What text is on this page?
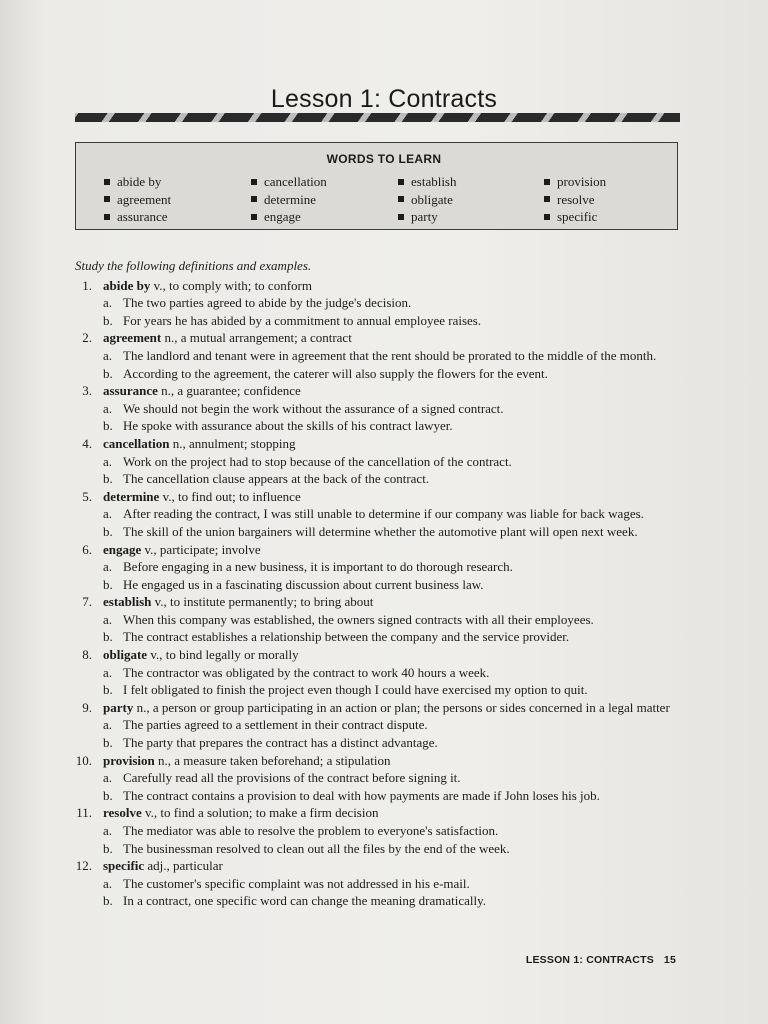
Lesson 1: Contracts
WORDS TO LEARN
abide by	cancellation	establish	provision
agreement	determine	obligate	resolve
assurance	engage	party	specific
Study the following definitions and examples.
1. abide by v., to comply with; to conform
a. The two parties agreed to abide by the judge's decision.
b. For years he has abided by a commitment to annual employee raises.
2. agreement n., a mutual arrangement; a contract
a. The landlord and tenant were in agreement that the rent should be prorated to the middle of the month.
b. According to the agreement, the caterer will also supply the flowers for the event.
3. assurance n., a guarantee; confidence
a. We should not begin the work without the assurance of a signed contract.
b. He spoke with assurance about the skills of his contract lawyer.
4. cancellation n., annulment; stopping
a. Work on the project had to stop because of the cancellation of the contract.
b. The cancellation clause appears at the back of the contract.
5. determine v., to find out; to influence
a. After reading the contract, I was still unable to determine if our company was liable for back wages.
b. The skill of the union bargainers will determine whether the automotive plant will open next week.
6. engage v., participate; involve
a. Before engaging in a new business, it is important to do thorough research.
b. He engaged us in a fascinating discussion about current business law.
7. establish v., to institute permanently; to bring about
a. When this company was established, the owners signed contracts with all their employees.
b. The contract establishes a relationship between the company and the service provider.
8. obligate v., to bind legally or morally
a. The contractor was obligated by the contract to work 40 hours a week.
b. I felt obligated to finish the project even though I could have exercised my option to quit.
9. party n., a person or group participating in an action or plan; the persons or sides concerned in a legal matter
a. The parties agreed to a settlement in their contract dispute.
b. The party that prepares the contract has a distinct advantage.
10. provision n., a measure taken beforehand; a stipulation
a. Carefully read all the provisions of the contract before signing it.
b. The contract contains a provision to deal with how payments are made if John loses his job.
11. resolve v., to find a solution; to make a firm decision
a. The mediator was able to resolve the problem to everyone's satisfaction.
b. The businessman resolved to clean out all the files by the end of the week.
12. specific adj., particular
a. The customer's specific complaint was not addressed in his e-mail.
b. In a contract, one specific word can change the meaning dramatically.
LESSON 1: CONTRACTS 15
